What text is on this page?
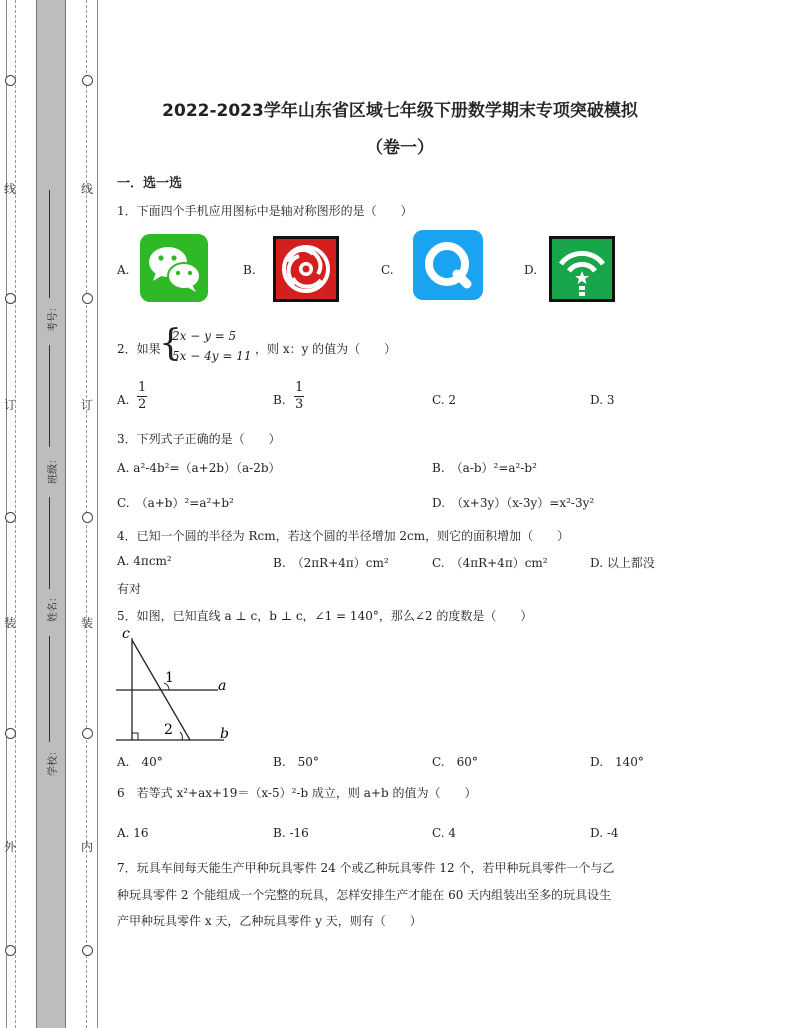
线
订
装
外
线
订
装
内
考号：
班级：
姓名：
学校：
2022-2023学年山东省区域七年级下册数学期末专项突破模拟
（卷一）
一．选一选
1．下面四个手机应用图标中是轴对称图形的是（　　）
A.	B.	C.	D.
2．如果
{
2x − y = 5
5x − 4y = 11 ，则 x：y 的值为（　　）
A. $\frac{1}{2}$	B. $\frac{1}{3}$	C. 2	D. 3
3．下列式子正确的是（　　）
A. a²-4b²=（a+2b）（a-2b）	B.　（a-b）²=a²-b²
C.　（a+b）²=a²+b²	D.　（x+3y）（x-3y）=x²-3y²
4．已知一个圆的半径为 Rcm，若这个圆的半径增加 2cm，则它的面积增加（　　）
A. 4πcm²	B.　（2πR+4π）cm²	C.　（4πR+4π）cm²	D. 以上都没
有对
5．如图，已知直线 a ⊥ c，b ⊥ c，∠1 = 140°，那么∠2 的度数是（　　）
c
a
b
1
2
A.　40°	B.　50°	C.　60°	D.　140°
6　若等式 x²+ax+19＝（x-5）²-b 成立，则 a+b 的值为（　　）
A. 16	B. -16	C. 4	D. -4
7．玩具车间每天能生产甲种玩具零件 24 个或乙种玩具零件 12 个，若甲种玩具零件一个与乙
种玩具零件 2 个能组成一个完整的玩具，怎样安排生产才能在 60 天内组装出至多的玩具设生
产甲种玩具零件 x 天，乙种玩具零件 y 天，则有（　　）
